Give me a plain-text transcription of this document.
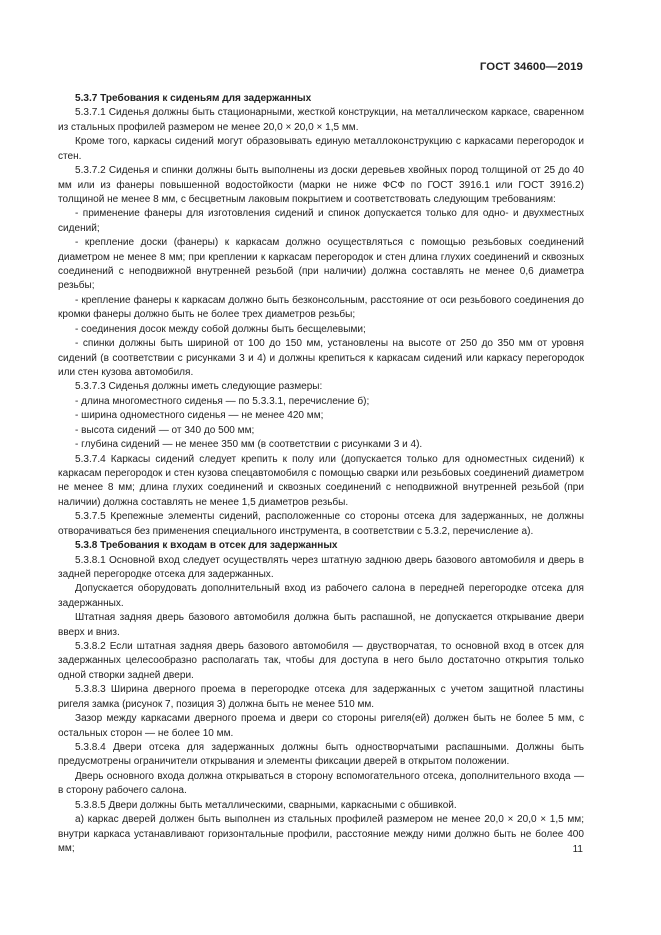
ГОСТ 34600—2019

5.3.7 Требования к сиденьям для задержанных

5.3.7.1 Сиденья должны быть стационарными, жесткой конструкции, на металлическом каркасе, сваренном из стальных профилей размером не менее 20,0 × 20,0 × 1,5 мм.

Кроме того, каркасы сидений могут образовывать единую металлоконструкцию с каркасами перегородок и стен.

5.3.7.2 Сиденья и спинки должны быть выполнены из доски деревьев хвойных пород толщиной от 25 до 40 мм или из фанеры повышенной водостойкости (марки не ниже ФСФ по ГОСТ 3916.1 или ГОСТ 3916.2) толщиной не менее 8 мм, с бесцветным лаковым покрытием и соответствовать следующим требованиям:

- применение фанеры для изготовления сидений и спинок допускается только для одно- и двухместных сидений;

- крепление доски (фанеры) к каркасам должно осуществляться с помощью резьбовых соединений диаметром не менее 8 мм; при креплении к каркасам перегородок и стен длина глухих соединений и сквозных соединений с неподвижной внутренней резьбой (при наличии) должна составлять не менее 0,6 диаметра резьбы;

- крепление фанеры к каркасам должно быть безконсольным, расстояние от оси резьбового соединения до кромки фанеры должно быть не более трех диаметров резьбы;

- соединения досок между собой должны быть бесщелевыми;

- спинки должны быть шириной от 100 до 150 мм, установлены на высоте от 250 до 350 мм от уровня сидений (в соответствии с рисунками 3 и 4) и должны крепиться к каркасам сидений или каркасу перегородок или стен кузова автомобиля.

5.3.7.3 Сиденья должны иметь следующие размеры:

- длина многоместного сиденья — по 5.3.3.1, перечисление б);

- ширина одноместного сиденья — не менее 420 мм;

- высота сидений — от 340 до 500 мм;

- глубина сидений — не менее 350 мм (в соответствии с рисунками 3 и 4).

5.3.7.4 Каркасы сидений следует крепить к полу или (допускается только для одноместных сидений) к каркасам перегородок и стен кузова спецавтомобиля с помощью сварки или резьбовых соединений диаметром не менее 8 мм; длина глухих соединений и сквозных соединений с неподвижной внутренней резьбой (при наличии) должна составлять не менее 1,5 диаметров резьбы.

5.3.7.5 Крепежные элементы сидений, расположенные со стороны отсека для задержанных, не должны отворачиваться без применения специального инструмента, в соответствии с 5.3.2, перечисление а).

5.3.8 Требования к входам в отсек для задержанных

5.3.8.1 Основной вход следует осуществлять через штатную заднюю дверь базового автомобиля и дверь в задней перегородке отсека для задержанных.

Допускается оборудовать дополнительный вход из рабочего салона в передней перегородке отсека для задержанных.

Штатная задняя дверь базового автомобиля должна быть распашной, не допускается открывание двери вверх и вниз.

5.3.8.2 Если штатная задняя дверь базового автомобиля — двустворчатая, то основной вход в отсек для задержанных целесообразно располагать так, чтобы для доступа в него было достаточно открытия только одной створки задней двери.

5.3.8.3 Ширина дверного проема в перегородке отсека для задержанных с учетом защитной пластины ригеля замка (рисунок 7, позиция 3) должна быть не менее 510 мм.

Зазор между каркасами дверного проема и двери со стороны ригеля(ей) должен быть не более 5 мм, с остальных сторон — не более 10 мм.

5.3.8.4 Двери отсека для задержанных должны быть одностворчатыми распашными. Должны быть предусмотрены ограничители открывания и элементы фиксации дверей в открытом положении.

Дверь основного входа должна открываться в сторону вспомогательного отсека, дополнительного входа — в сторону рабочего салона.

5.3.8.5 Двери должны быть металлическими, сварными, каркасными с обшивкой.

а) каркас дверей должен быть выполнен из стальных профилей размером не менее 20,0 × 20,0 × 1,5 мм; внутри каркаса устанавливают горизонтальные профили, расстояние между ними должно быть не более 400 мм;	11
